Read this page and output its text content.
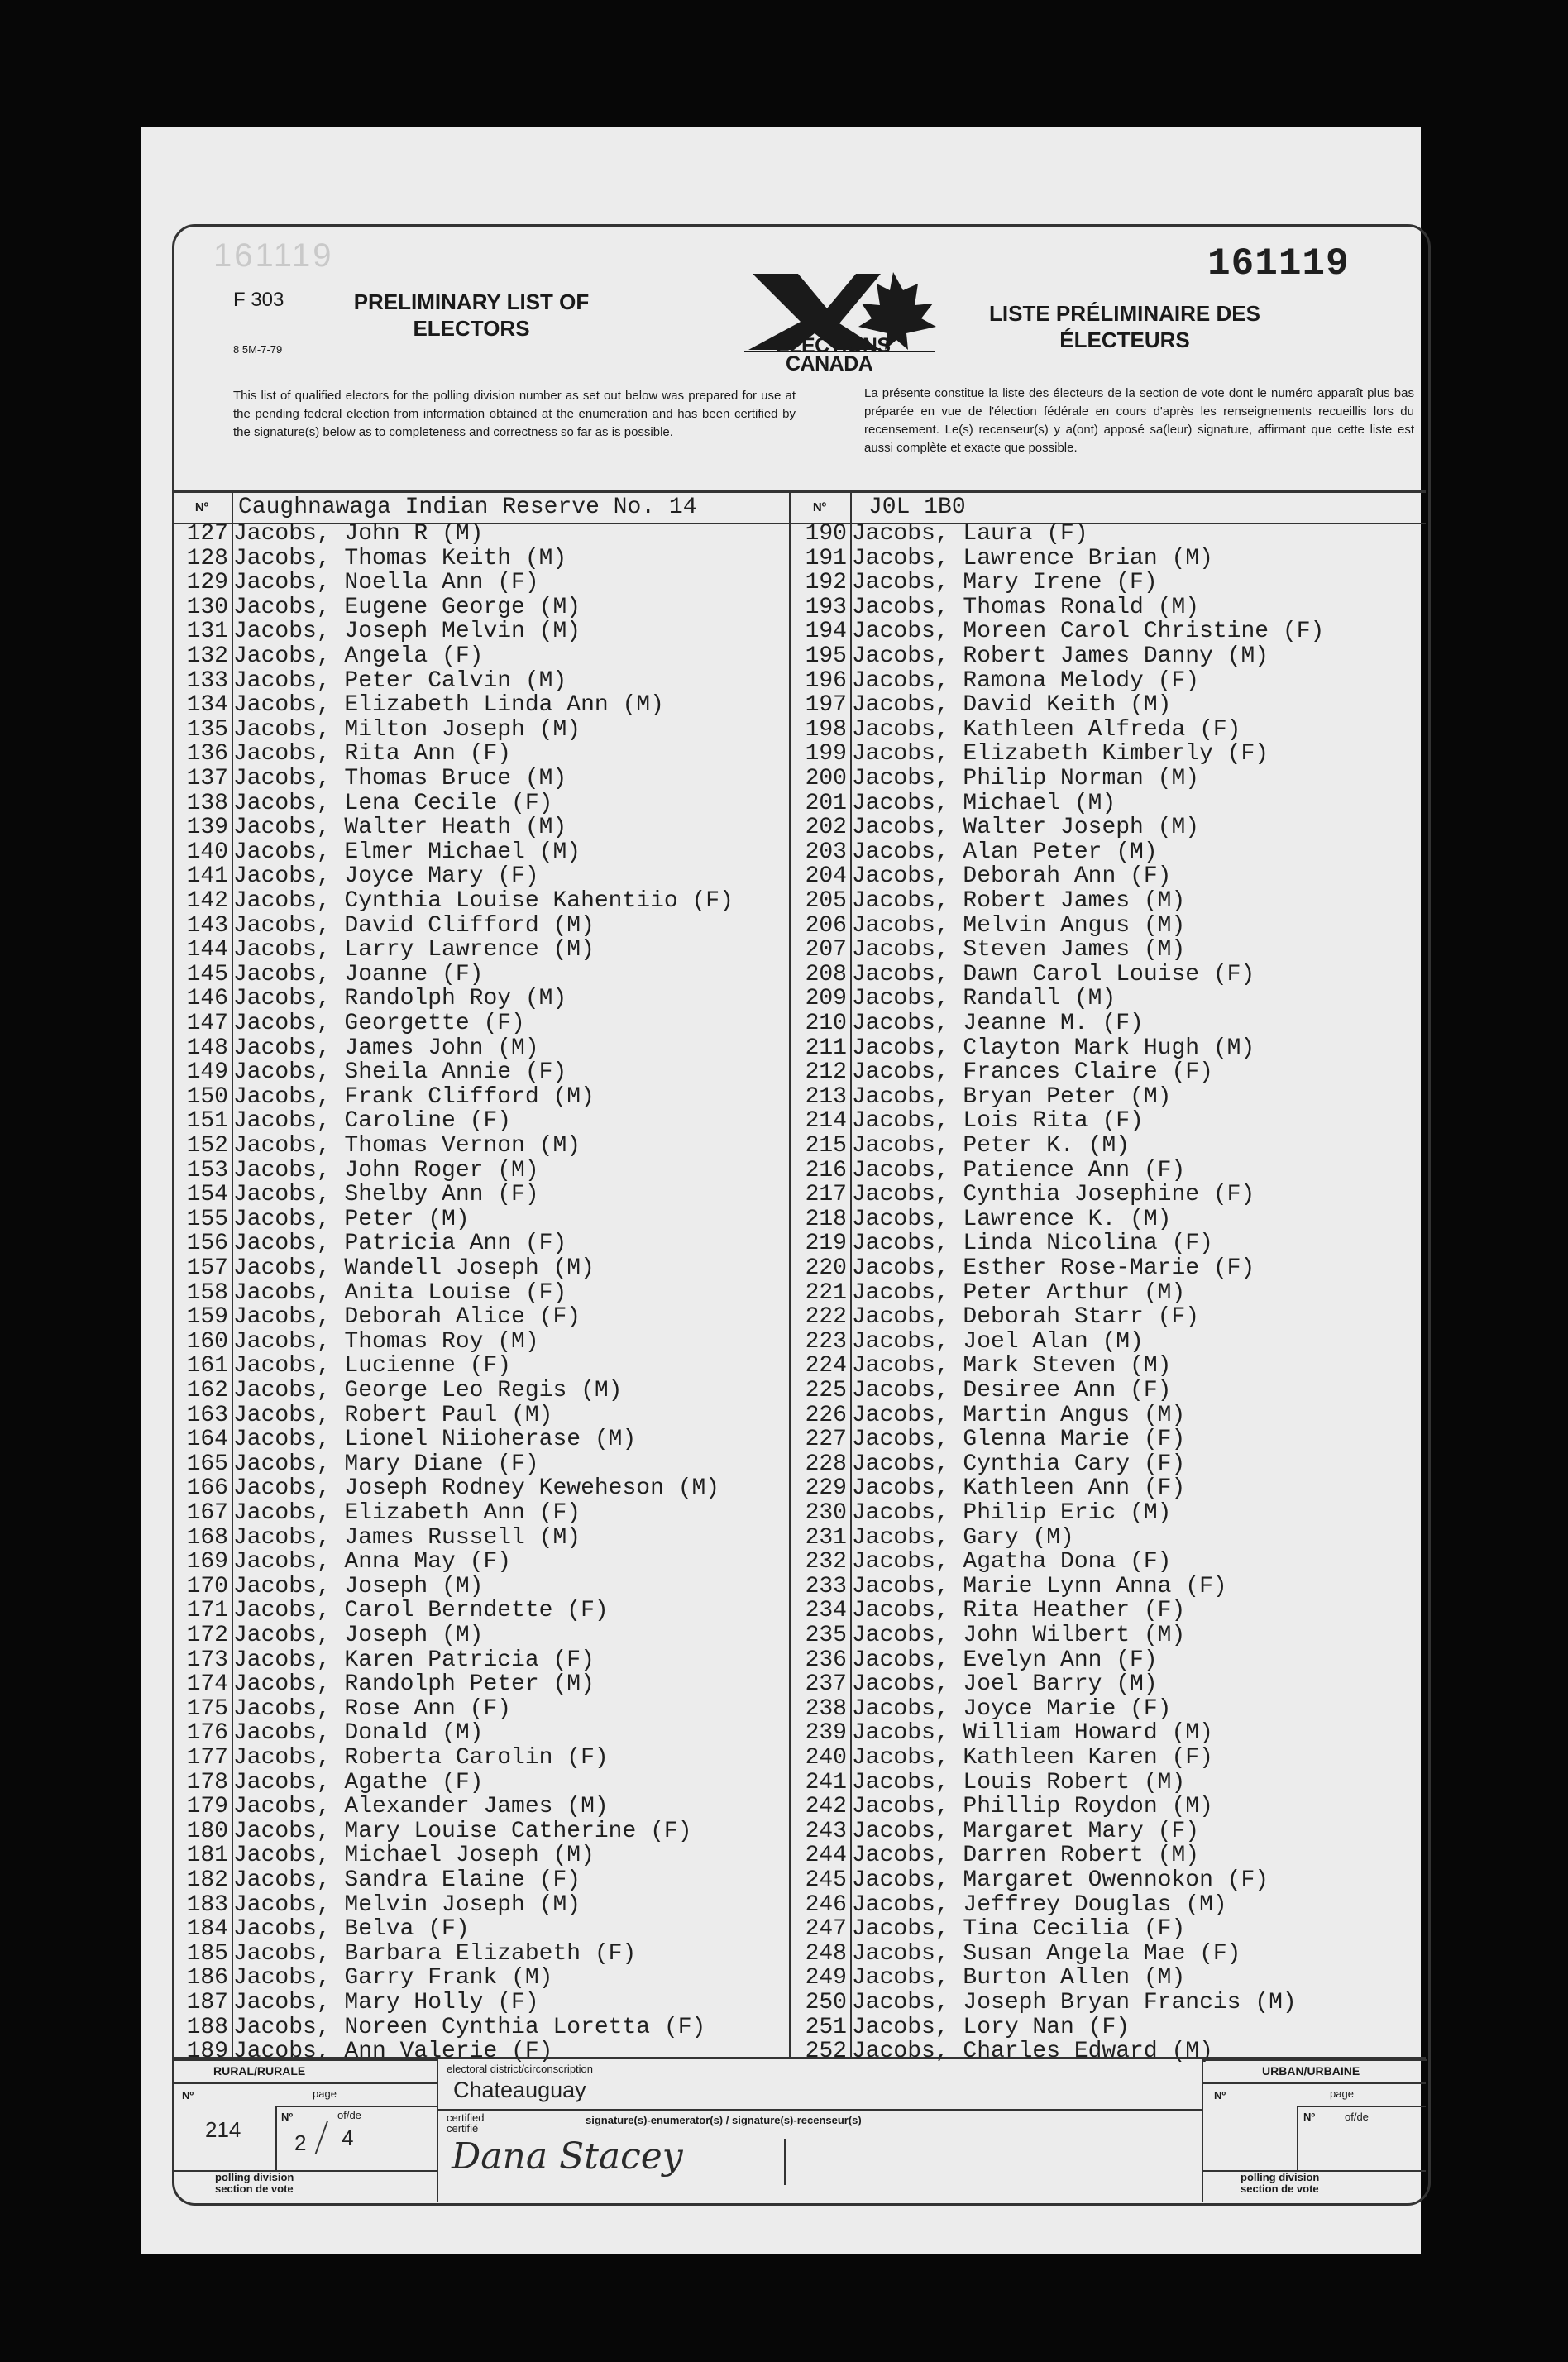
161119	161119
F 303
8 5M-7-79
PRELIMINARY LIST OF
ELECTORS
ELECTIONS
CANADA
LISTE PRÉLIMINAIRE DES
ÉLECTEURS
This list of qualified electors for the polling division number as set out below was prepared for use at the pending federal election from information obtained at the enumeration and has been certified by the signature(s) below as to completeness and correctness so far as is possible.
La présente constitue la liste des électeurs de la section de vote dont le numéro apparaît plus bas préparée en vue de l'élection fédérale en cours d'après les renseignements recueillis lors du recensement. Le(s) recenseur(s) y a(ont) apposé sa(leur) signature, affirmant que cette liste est aussi complète et exacte que possible.
Nº	Caughnawaga Indian Reserve No. 14	Nº	J0L 1B0
127 Jacobs, John R (M)
128 Jacobs, Thomas Keith (M)
129 Jacobs, Noella Ann (F)
130 Jacobs, Eugene George (M)
131 Jacobs, Joseph Melvin (M)
132 Jacobs, Angela (F)
133 Jacobs, Peter Calvin (M)
134 Jacobs, Elizabeth Linda Ann (M)
135 Jacobs, Milton Joseph (M)
136 Jacobs, Rita Ann (F)
137 Jacobs, Thomas Bruce (M)
138 Jacobs, Lena Cecile (F)
139 Jacobs, Walter Heath (M)
140 Jacobs, Elmer Michael (M)
141 Jacobs, Joyce Mary (F)
142 Jacobs, Cynthia Louise Kahentiio (F)
143 Jacobs, David Clifford (M)
144 Jacobs, Larry Lawrence (M)
145 Jacobs, Joanne (F)
146 Jacobs, Randolph Roy (M)
147 Jacobs, Georgette (F)
148 Jacobs, James John (M)
149 Jacobs, Sheila Annie (F)
150 Jacobs, Frank Clifford (M)
151 Jacobs, Caroline (F)
152 Jacobs, Thomas Vernon (M)
153 Jacobs, John Roger (M)
154 Jacobs, Shelby Ann (F)
155 Jacobs, Peter (M)
156 Jacobs, Patricia Ann (F)
157 Jacobs, Wandell Joseph (M)
158 Jacobs, Anita Louise (F)
159 Jacobs, Deborah Alice (F)
160 Jacobs, Thomas Roy (M)
161 Jacobs, Lucienne (F)
162 Jacobs, George Leo Regis (M)
163 Jacobs, Robert Paul (M)
164 Jacobs, Lionel Niioherase (M)
165 Jacobs, Mary Diane (F)
166 Jacobs, Joseph Rodney Keweheson (M)
167 Jacobs, Elizabeth Ann (F)
168 Jacobs, James Russell (M)
169 Jacobs, Anna May (F)
170 Jacobs, Joseph (M)
171 Jacobs, Carol Berndette (F)
172 Jacobs, Joseph (M)
173 Jacobs, Karen Patricia (F)
174 Jacobs, Randolph Peter (M)
175 Jacobs, Rose Ann (F)
176 Jacobs, Donald (M)
177 Jacobs, Roberta Carolin (F)
178 Jacobs, Agathe (F)
179 Jacobs, Alexander James (M)
180 Jacobs, Mary Louise Catherine (F)
181 Jacobs, Michael Joseph (M)
182 Jacobs, Sandra Elaine (F)
183 Jacobs, Melvin Joseph (M)
184 Jacobs, Belva (F)
185 Jacobs, Barbara Elizabeth (F)
186 Jacobs, Garry Frank (M)
187 Jacobs, Mary Holly (F)
188 Jacobs, Noreen Cynthia Loretta (F)
189 Jacobs, Ann Valerie (F)
190 Jacobs, Laura (F)
191 Jacobs, Lawrence Brian (M)
192 Jacobs, Mary Irene (F)
193 Jacobs, Thomas Ronald (M)
194 Jacobs, Moreen Carol Christine (F)
195 Jacobs, Robert James Danny (M)
196 Jacobs, Ramona Melody (F)
197 Jacobs, David Keith (M)
198 Jacobs, Kathleen Alfreda (F)
199 Jacobs, Elizabeth Kimberly (F)
200 Jacobs, Philip Norman (M)
201 Jacobs, Michael (M)
202 Jacobs, Walter Joseph (M)
203 Jacobs, Alan Peter (M)
204 Jacobs, Deborah Ann (F)
205 Jacobs, Robert James (M)
206 Jacobs, Melvin Angus (M)
207 Jacobs, Steven James (M)
208 Jacobs, Dawn Carol Louise (F)
209 Jacobs, Randall (M)
210 Jacobs, Jeanne M. (F)
211 Jacobs, Clayton Mark Hugh (M)
212 Jacobs, Frances Claire (F)
213 Jacobs, Bryan Peter (M)
214 Jacobs, Lois Rita (F)
215 Jacobs, Peter K. (M)
216 Jacobs, Patience Ann (F)
217 Jacobs, Cynthia Josephine (F)
218 Jacobs, Lawrence K. (M)
219 Jacobs, Linda Nicolina (F)
220 Jacobs, Esther Rose-Marie (F)
221 Jacobs, Peter Arthur (M)
222 Jacobs, Deborah Starr (F)
223 Jacobs, Joel Alan (M)
224 Jacobs, Mark Steven (M)
225 Jacobs, Desiree Ann (F)
226 Jacobs, Martin Angus (M)
227 Jacobs, Glenna Marie (F)
228 Jacobs, Cynthia Cary (F)
229 Jacobs, Kathleen Ann (F)
230 Jacobs, Philip Eric (M)
231 Jacobs, Gary (M)
232 Jacobs, Agatha Dona (F)
233 Jacobs, Marie Lynn Anna (F)
234 Jacobs, Rita Heather (F)
235 Jacobs, John Wilbert (M)
236 Jacobs, Evelyn Ann (F)
237 Jacobs, Joel Barry (M)
238 Jacobs, Joyce Marie (F)
239 Jacobs, William Howard (M)
240 Jacobs, Kathleen Karen (F)
241 Jacobs, Louis Robert (M)
242 Jacobs, Phillip Roydon (M)
243 Jacobs, Margaret Mary (F)
244 Jacobs, Darren Robert (M)
245 Jacobs, Margaret Owennokon (F)
246 Jacobs, Jeffrey Douglas (M)
247 Jacobs, Tina Cecilia (F)
248 Jacobs, Susan Angela Mae (F)
249 Jacobs, Burton Allen (M)
250 Jacobs, Joseph Bryan Francis (M)
251 Jacobs, Lory Nan (F)
252 Jacobs, Charles Edward (M)
RURAL/RURALE
Nº	page
214
Nº	of/de
2 4
polling division
section de vote
electoral district/circonscription
Chateauguay
certified
certifié
signature(s)-enumerator(s) / signature(s)-recenseur(s)
Dana Stacey
URBAN/URBAINE
Nº	page
Nº	of/de
polling division
section de vote
